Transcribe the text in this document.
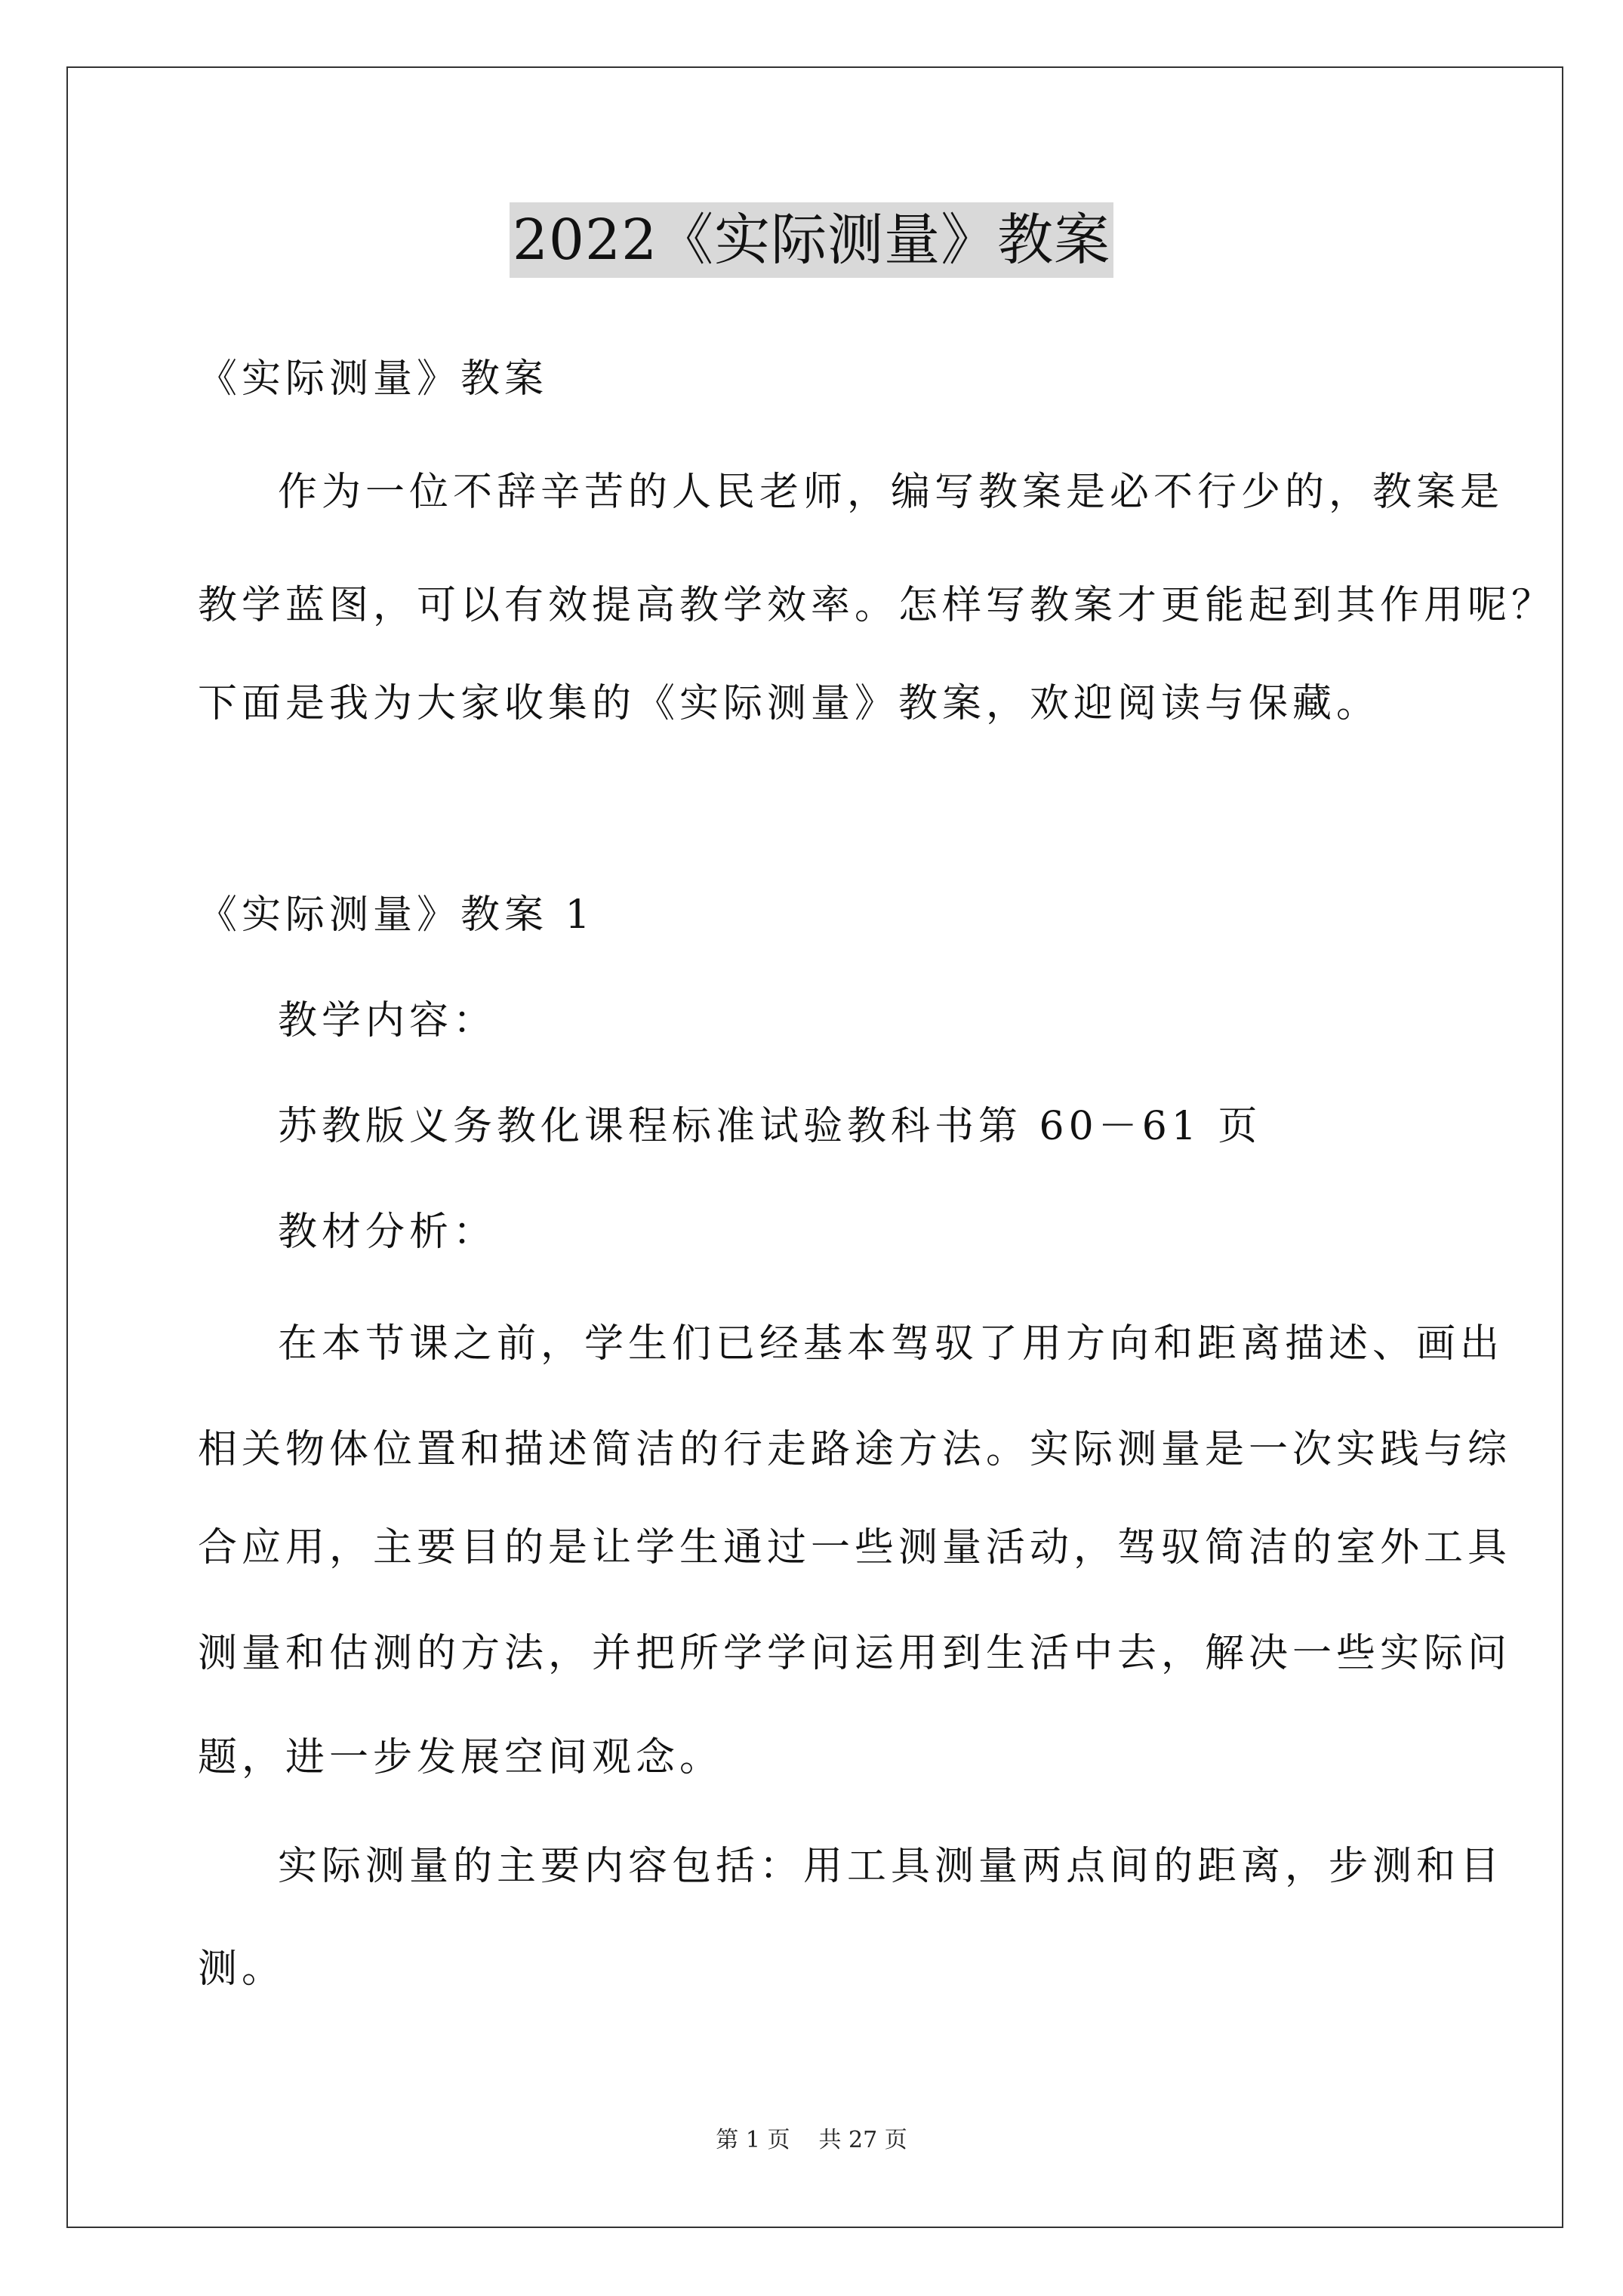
2022《实际测量》教案
《实际测量》教案
作为一位不辞辛苦的人民老师，编写教案是必不行少的，教案是
教学蓝图，可以有效提高教学效率。怎样写教案才更能起到其作用呢？
下面是我为大家收集的《实际测量》教案，欢迎阅读与保藏。
《实际测量》教案 1
教学内容：
苏教版义务教化课程标准试验教科书第 60－61 页
教材分析：
在本节课之前，学生们已经基本驾驭了用方向和距离描述、画出
相关物体位置和描述简洁的行走路途方法。实际测量是一次实践与综
合应用，主要目的是让学生通过一些测量活动，驾驭简洁的室外工具
测量和估测的方法，并把所学学问运用到生活中去，解决一些实际问
题，进一步发展空间观念。
实际测量的主要内容包括：用工具测量两点间的距离，步测和目
测。
第 1 页 共 27 页
